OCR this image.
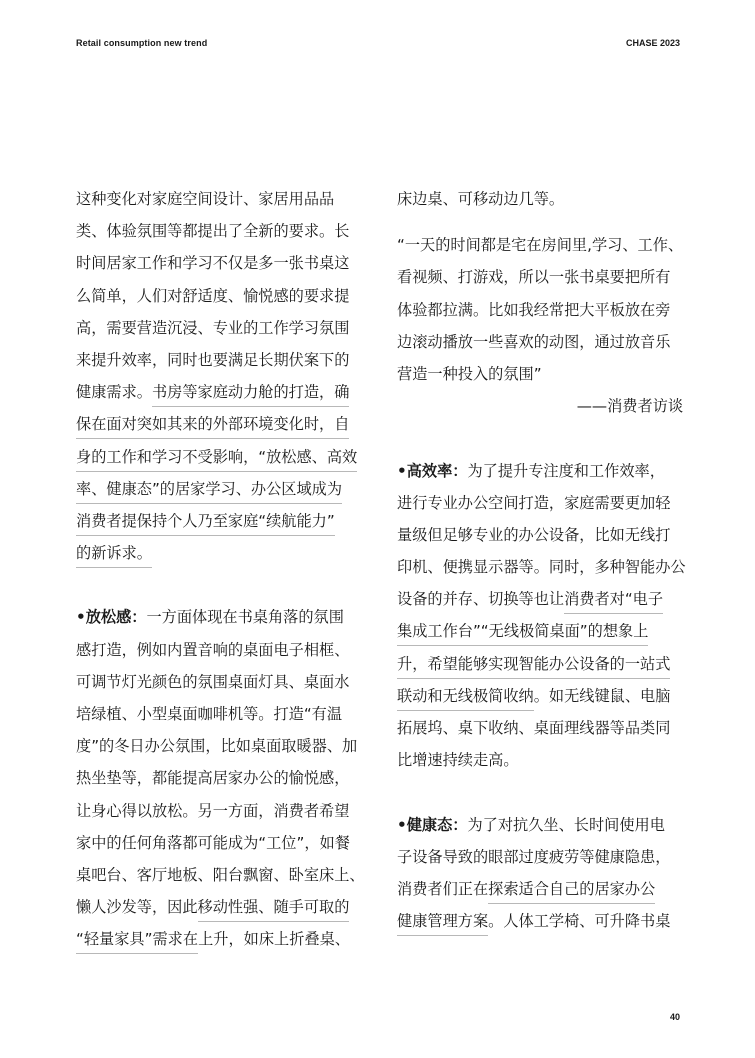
Retail consumption new trend	CHASE 2023
这种变化对家庭空间设计、家居用品品
类、体验氛围等都提出了全新的要求。长
时间居家工作和学习不仅是多一张书桌这
么简单，人们对舒适度、愉悦感的要求提
高，需要营造沉浸、专业的工作学习氛围
来提升效率，同时也要满足长期伏案下的
健康需求。书房等家庭动力舱的打造，确
保在面对突如其来的外部环境变化时，自
身的工作和学习不受影响，“放松感、高效
率、健康态”的居家学习、办公区域成为
消费者提保持个人乃至家庭“续航能力”
的新诉求。
•放松感：一方面体现在书桌角落的氛围
感打造，例如内置音响的桌面电子相框、
可调节灯光颜色的氛围桌面灯具、桌面水
培绿植、小型桌面咖啡机等。打造“有温
度”的冬日办公氛围，比如桌面取暖器、加
热坐垫等，都能提高居家办公的愉悦感，
让身心得以放松。另一方面，消费者希望
家中的任何角落都可能成为“工位”，如餐
桌吧台、客厅地板、阳台飘窗、卧室床上、
懒人沙发等，因此移动性强、随手可取的
“轻量家具”需求在上升，如床上折叠桌、
床边桌、可移动边几等。
“一天的时间都是宅在房间里,学习、工作、
看视频、打游戏，所以一张书桌要把所有
体验都拉满。比如我经常把大平板放在旁
边滚动播放一些喜欢的动图，通过放音乐
营造一种投入的氛围”
——消费者访谈
•高效率：为了提升专注度和工作效率，
进行专业办公空间打造，家庭需要更加轻
量级但足够专业的办公设备，比如无线打
印机、便携显示器等。同时，多种智能办公
设备的并存、切换等也让消费者对“电子
集成工作台”“无线极简桌面”的想象上
升，希望能够实现智能办公设备的一站式
联动和无线极简收纳。如无线键鼠、电脑
拓展坞、桌下收纳、桌面理线器等品类同
比增速持续走高。
•健康态：为了对抗久坐、长时间使用电
子设备导致的眼部过度疲劳等健康隐患，
消费者们正在探索适合自己的居家办公
健康管理方案。人体工学椅、可升降书桌
40
